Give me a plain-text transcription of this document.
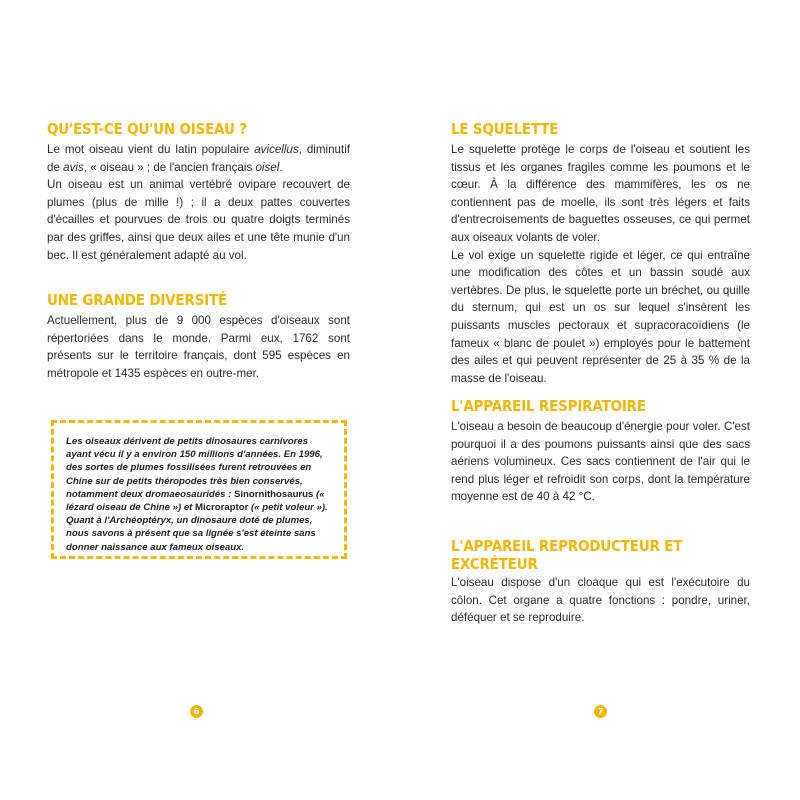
QU'EST-CE QU'UN OISEAU ?

Le mot oiseau vient du latin populaire avicellus, diminutif de avis, « oiseau » ; de l'ancien français oisel.

Un oiseau est un animal vertébré ovipare recouvert de plumes (plus de mille !) ; il a deux pattes couvertes d'écailles et pourvues de trois ou quatre doigts terminés par des griffes, ainsi que deux ailes et une tête munie d'un bec. Il est généralement adapté au vol.

UNE GRANDE DIVERSITÉ

Actuellement, plus de 9 000 espèces d'oiseaux sont répertoriées dans le monde. Parmi eux, 1762 sont présents sur le territoire français, dont 595 espèces en métropole et 1435 espèces en outre-mer.

Les oiseaux dérivent de petits dinosaures carnivores ayant vécu il y a environ 150 millions d'années. En 1996, des sortes de plumes fossilisées furent retrouvées en Chine sur de petits théropodes très bien conservés, notamment deux dromaeosauridés : Sinornithosaurus (« lézard oiseau de Chine ») et Microraptor (« petit voleur »). Quant à l'Archéoptéryx, un dinosaure doté de plumes, nous savons à présent que sa lignée s'est éteinte sans donner naissance aux fameux oiseaux.

6
LE SQUELETTE

Le squelette protège le corps de l'oiseau et soutient les tissus et les organes fragiles comme les poumons et le cœur. À la différence des mammifères, les os ne contiennent pas de moelle, ils sont très légers et faits d'entrecroisements de baguettes osseuses, ce qui permet aux oiseaux volants de voler.

Le vol exige un squelette rigide et léger, ce qui entraîne une modification des côtes et un bassin soudé aux vertèbres. De plus, le squelette porte un bréchet, ou quille du sternum, qui est un os sur lequel s'insèrent les puissants muscles pectoraux et supracoracoïdiens (le fameux « blanc de poulet ») employés pour le battement des ailes et qui peuvent représenter de 25 à 35 % de la masse de l'oiseau.

L'APPAREIL RESPIRATOIRE

L'oiseau a besoin de beaucoup d'énergie pour voler. C'est pourquoi il a des poumons puissants ainsi que des sacs aériens volumineux. Ces sacs contiennent de l'air qui le rend plus léger et refroidit son corps, dont la température moyenne est de 40 à 42 °C.

L'APPAREIL REPRODUCTEUR ET EXCRÉTEUR

L'oiseau dispose d'un cloaque qui est l'exécutoire du côlon. Cet organe a quatre fonctions : pondre, uriner, déféquer et se reproduire.

7
